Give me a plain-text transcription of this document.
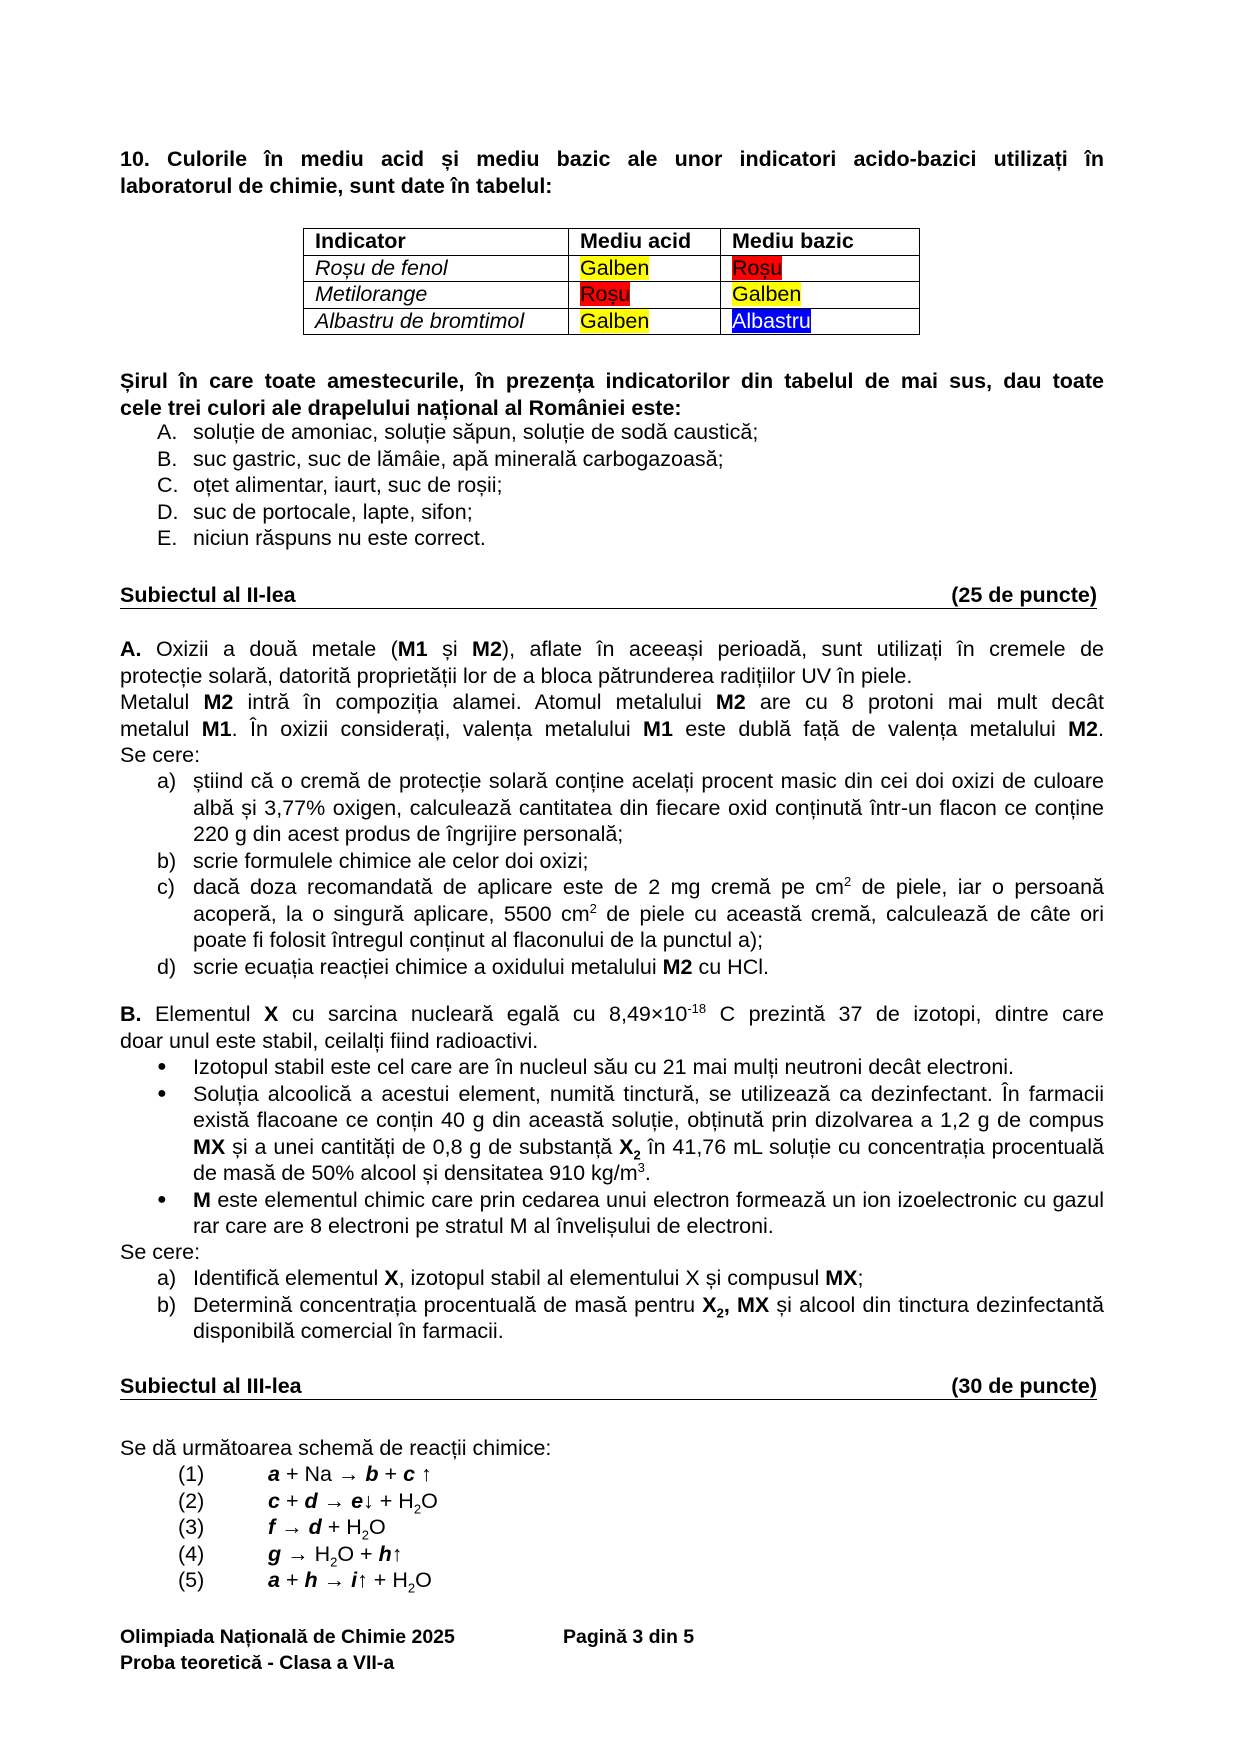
10. Culorile în mediu acid și mediu bazic ale unor indicatori acido-bazici utilizați în
laboratorul de chimie, sunt date în tabelul:
Indicator	Mediu acid	Mediu bazic
Roșu de fenol	Galben	Roșu
Metilorange	Roșu	Galben
Albastru de bromtimol	Galben	Albastru
Șirul în care toate amestecurile, în prezența indicatorilor din tabelul de mai sus, dau toate
cele trei culori ale drapelului național al României este:
A. soluție de amoniac, soluție săpun, soluție de sodă caustică;
B. suc gastric, suc de lămâie, apă minerală carbogazoasă;
C. oțet alimentar, iaurt, suc de roșii;
D. suc de portocale, lapte, sifon;
E. niciun răspuns nu este correct.
Subiectul al II-lea	(25 de puncte)
A. Oxizii a două metale (M1 și M2), aflate în aceeași perioadă, sunt utilizați în cremele de
protecție solară, datorită proprietății lor de a bloca pătrunderea radițiilor UV în piele.
Metalul M2 intră în compoziția alamei. Atomul metalului M2 are cu 8 protoni mai mult decât
metalul M1. În oxizii considerați, valența metalului M1 este dublă față de valența metalului M2.
Se cere:
a) știind că o cremă de protecție solară conține acelați procent masic din cei doi oxizi de culoare albă și 3,77% oxigen, calculează cantitatea din fiecare oxid conținută într-un flacon ce conține 220 g din acest produs de îngrijire personală;
b) scrie formulele chimice ale celor doi oxizi;
c) dacă doza recomandată de aplicare este de 2 mg cremă pe $cm^2$ de piele, iar o persoană acoperă, la o singură aplicare, 5500 $cm^2$ de piele cu această cremă, calculează de câte ori poate fi folosit întregul conținut al flaconului de la punctul a);
d) scrie ecuația reacției chimice a oxidului metalului M2 cu HCl.
B. Elementul X cu sarcina nucleară egală cu $8,49\times 10^{-18}$ C prezintă 37 de izotopi, dintre care
doar unul este stabil, ceilalți fiind radioactivi.
●	Izotopul stabil este cel care are în nucleul său cu 21 mai mulți neutroni decât electroni.
●	Soluția alcoolică a acestui element, numită tinctură, se utilizează ca dezinfectant. În farmacii există flacoane ce conțin 40 g din această soluție, obținută prin dizolvarea a 1,2 g de compus MX și a unei cantități de 0,8 g de substanță $X_2$ în 41,76 mL soluție cu concentrația procentuală de masă de 50% alcool și densitatea 910 $kg/m^3$.
●	M este elementul chimic care prin cedarea unui electron formează un ion izoelectronic cu gazul rar care are 8 electroni pe stratul M al învelișului de electroni.
Se cere:
a) Identifică elementul X, izotopul stabil al elementului X și compusul MX;
b) Determină concentrația procentuală de masă pentru $X_2$, MX și alcool din tinctura dezinfectantă disponibilă comercial în farmacii.
Subiectul al III-lea	(30 de puncte)
Se dă următoarea schemă de reacții chimice:
(1)	a + Na → b + c ↑
(2)	c + d → e↓ + $H_2O$
(3)	$f \to d + H_2O$
(4)	$g \to H_2O$ + h↑
(5)	a + h → i↑ + $H_2O$
Olimpiada Națională de Chimie 2025
Proba teoretică - Clasa a VII-a
Pagină 3 din 5
